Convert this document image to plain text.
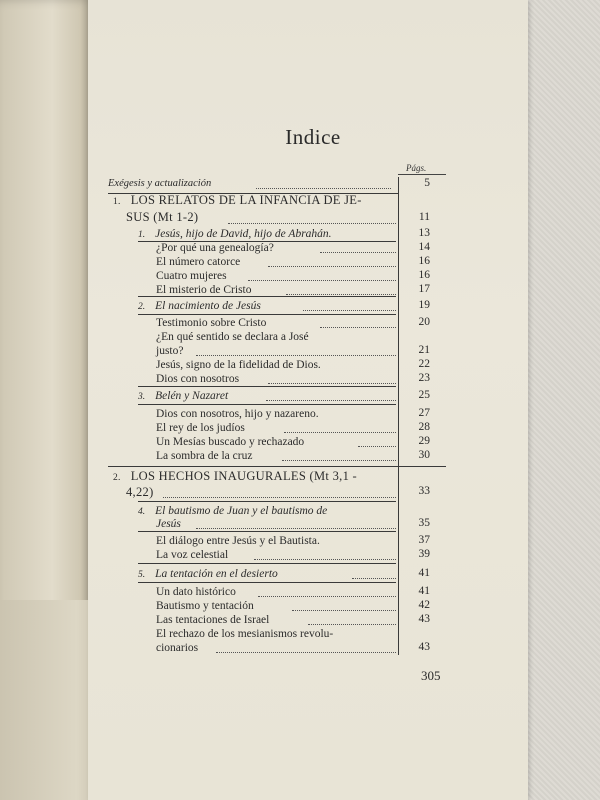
Indice
Págs.
Exégesis y actualización	5
1. LOS RELATOS DE LA INFANCIA DE JE-
SUS (Mt 1-2)	11
1. Jesús, hijo de David, hijo de Abrahán.	13
¿Por qué una genealogía?	14
El número catorce	16
Cuatro mujeres	16
El misterio de Cristo	17
2. El nacimiento de Jesús	19
Testimonio sobre Cristo	20
¿En qué sentido se declara a José
justo?	21
Jesús, signo de la fidelidad de Dios.	22
Dios con nosotros	23
3. Belén y Nazaret	25
Dios con nosotros, hijo y nazareno.	27
El rey de los judíos	28
Un Mesías buscado y rechazado	29
La sombra de la cruz	30
2. LOS HECHOS INAUGURALES (Mt 3,1 -
4,22)	33
4. El bautismo de Juan y el bautismo de
Jesús	35
El diálogo entre Jesús y el Bautista.	37
La voz celestial	39
5. La tentación en el desierto	41
Un dato histórico	41
Bautismo y tentación	42
Las tentaciones de Israel	43
El rechazo de los mesianismos revolu-
cionarios	43
305
